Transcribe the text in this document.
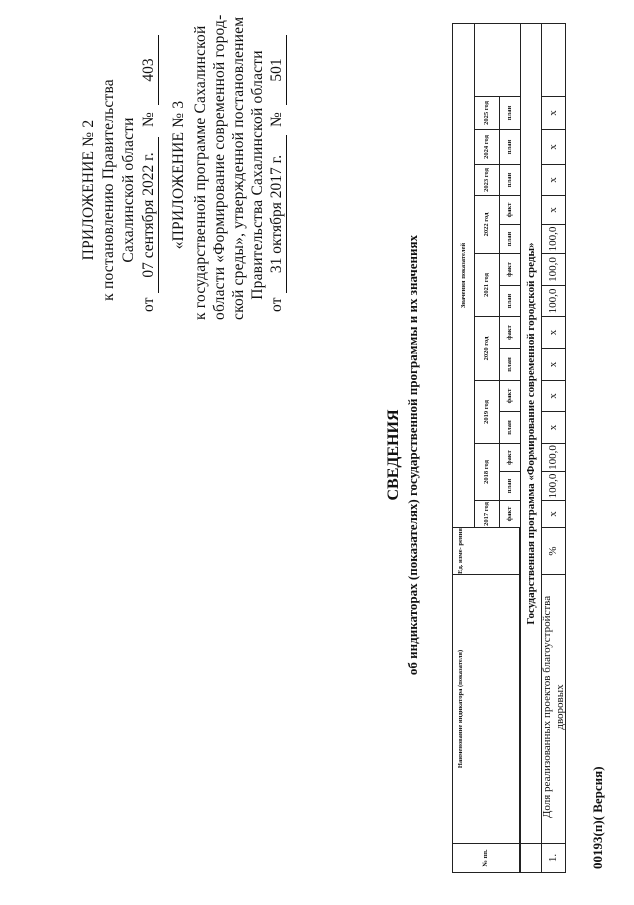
ПРИЛОЖЕНИЕ № 2 к постановлению Правительства Сахалинской области
от
07 сентября 2022 г.
№
403
«ПРИЛОЖЕНИЕ № 3 к государственной программе Сахалинской области «Формирование современной город- ской среды», утвержденной постановлением Правительства Сахалинской области
от
31 октября 2017 г.
№
501
СВЕДЕНИЯ об индикаторах (показателях) государственной программы и их значениях
№ пп.
Наименование индикатора (показателя)
Ед. изме- рения
Значения показателей
2017 год
2018 год
2019 год
2020 год
2021 год
2022 год
2023 год
2024 год
2025 год
факт
план
факт
план
факт
план
факт
план
факт
план
факт
план
план
план
Государственная программа «Формирование современной городской среды»
1.
Доля реализованных проектов благоустройства дворовых
%
х
100,0
100,0
х
х
х
х
100,0
100,0
100,0
х
х
х
х
00193(п)( Версия)
